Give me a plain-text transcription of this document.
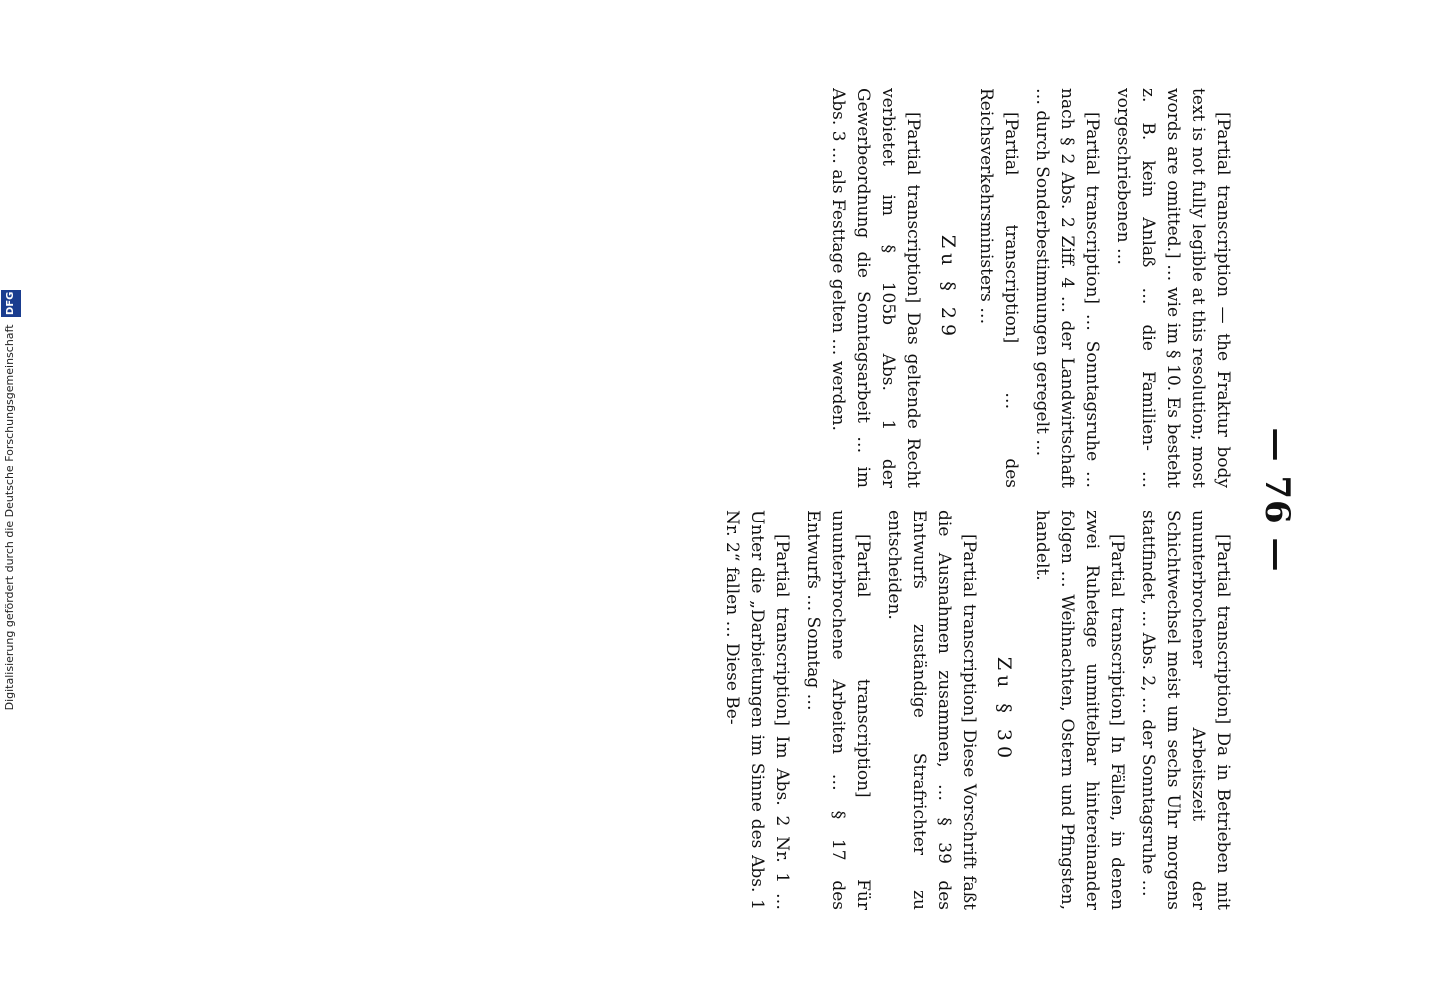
— 76 —

[Partial transcription — the Fraktur body text is not fully legible at this resolution; most words are omitted.] … wie im § 10. Es besteht z. B. kein Anlaß … die Familien- … vorgeschriebenen …

[Partial transcription] … Sonntagsruhe … nach § 2 Abs. 2 Ziff. 4 … der Landwirtschaft … durch Sonderbestimmungen geregelt …

[Partial transcription] … des Reichsverkehrsministers …

Zu § 29

[Partial transcription] Das geltende Recht verbietet im § 105b Abs. 1 der Gewerbeordnung die Sonntagsarbeit … im Abs. 3 … als Festtage gelten … werden.

[Partial transcription] Da in Betrieben mit ununterbrochener Arbeitszeit der Schichtwechsel meist um sechs Uhr morgens stattfindet, … Abs. 2, … der Sonntagsruhe …

[Partial transcription] In Fällen, in denen zwei Ruhetage unmittelbar hintereinander folgen … Weihnachten, Ostern und Pfingsten, handelt.

Zu § 30

[Partial transcription] Diese Vorschrift faßt die Ausnahmen zusammen, … § 39 des Entwurfs zuständige Strafrichter zu entscheiden.

[Partial transcription] Für ununterbrochene Arbeiten … § 17 des Entwurfs … Sonntag …

[Partial transcription] Im Abs. 2 Nr. 1 … Unter die „Darbietungen im Sinne des Abs. 1 Nr. 2“ fallen … Diese Be-

Digitalisierung gefördert durch die Deutsche Forschungsgemeinschaft DFG
